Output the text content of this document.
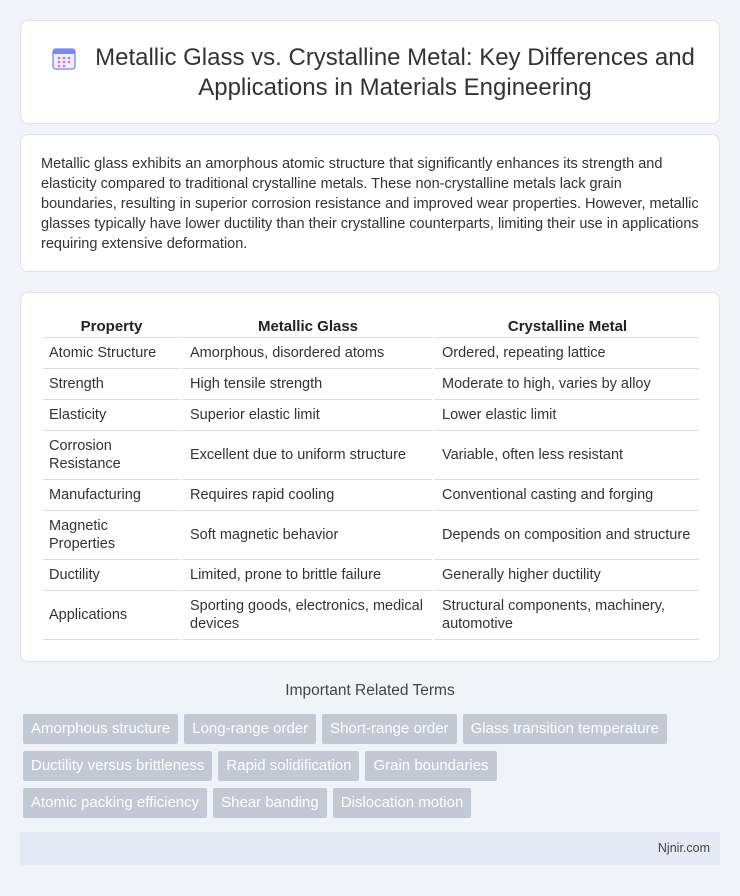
Metallic Glass vs. Crystalline Metal: Key Differences and Applications in Materials Engineering

Metallic glass exhibits an amorphous atomic structure that significantly enhances its strength and elasticity compared to traditional crystalline metals. These non-crystalline metals lack grain boundaries, resulting in superior corrosion resistance and improved wear properties. However, metallic glasses typically have lower ductility than their crystalline counterparts, limiting their use in applications requiring extensive deformation.

Property	Metallic Glass	Crystalline Metal
Atomic Structure	Amorphous, disordered atoms	Ordered, repeating lattice
Strength	High tensile strength	Moderate to high, varies by alloy
Elasticity	Superior elastic limit	Lower elastic limit
Corrosion Resistance	Excellent due to uniform structure	Variable, often less resistant
Manufacturing	Requires rapid cooling	Conventional casting and forging
Magnetic Properties	Soft magnetic behavior	Depends on composition and structure
Ductility	Limited, prone to brittle failure	Generally higher ductility
Applications	Sporting goods, electronics, medical devices	Structural components, machinery, automotive
Important Related Terms
Amorphous structure	Long-range order	Short-range order	Glass transition temperature
Ductility versus brittleness	Rapid solidification	Grain boundaries
Atomic packing efficiency	Shear banding	Dislocation motion
Njnir.com
